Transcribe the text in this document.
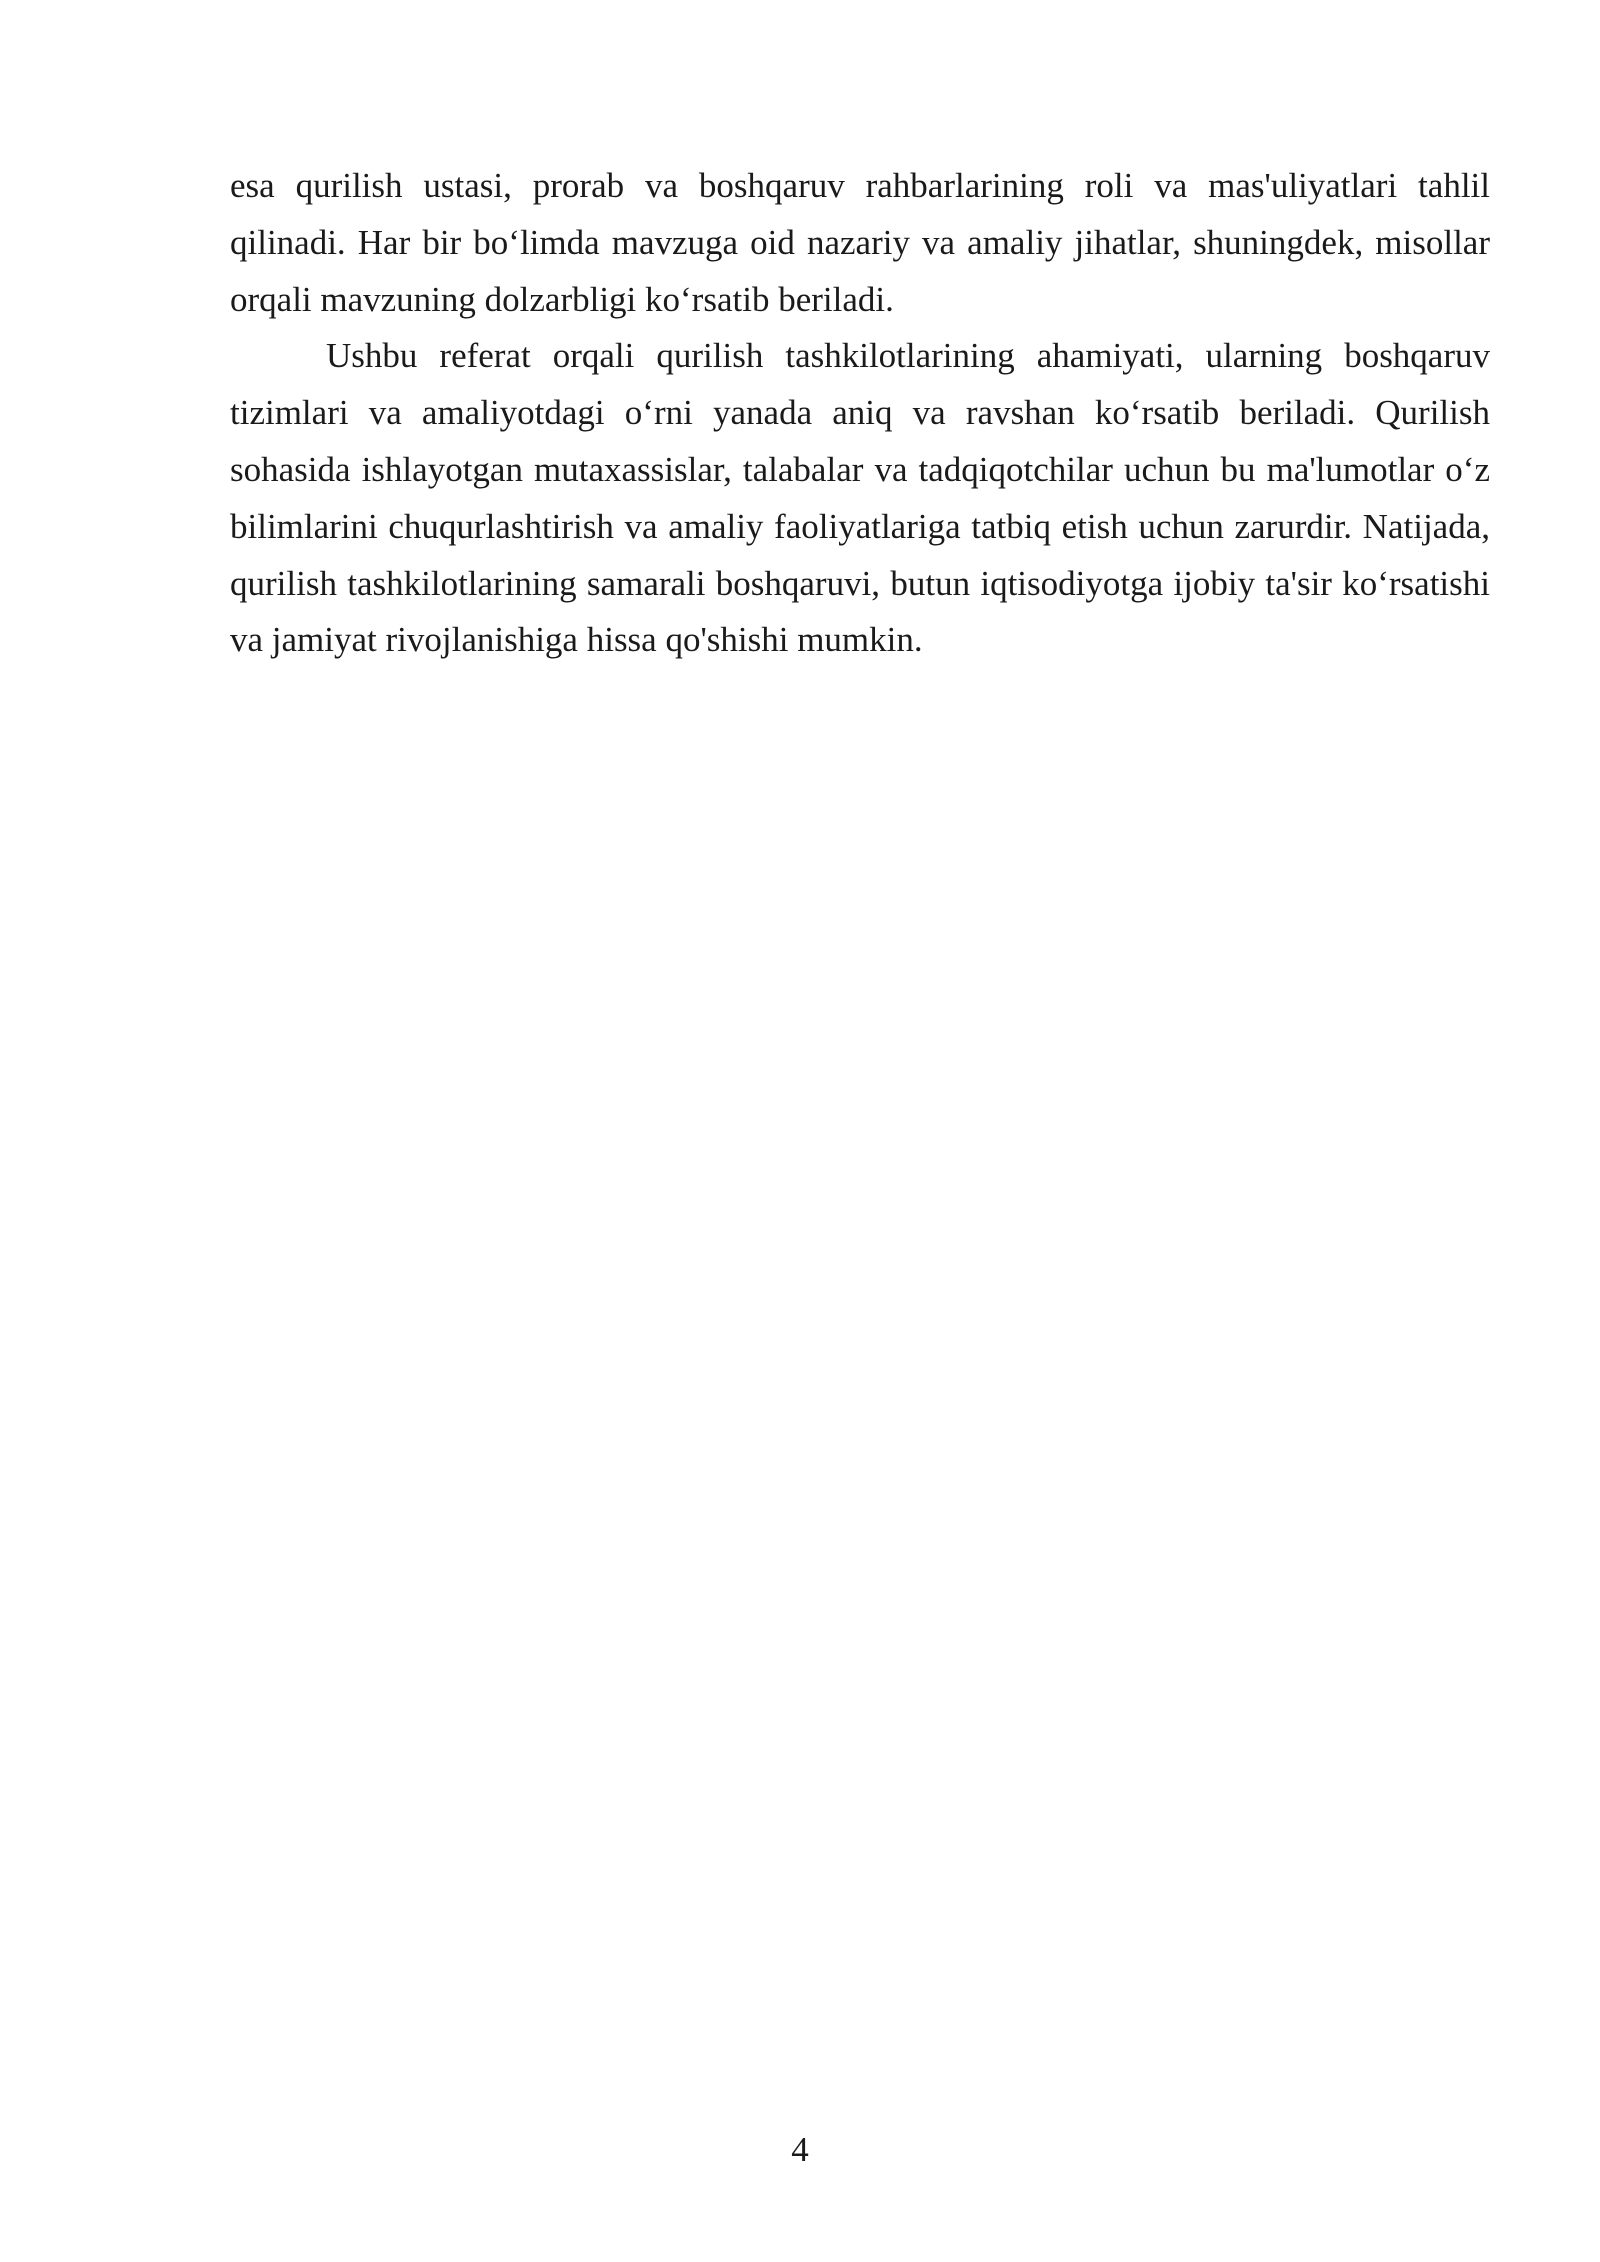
esa qurilish ustasi, prorab va boshqaruv rahbarlarining roli va mas'uliyatlari tahlil qilinadi. Har bir bo‘limda mavzuga oid nazariy va amaliy jihatlar, shuningdek, misollar orqali mavzuning dolzarbligi ko‘rsatib beriladi.

Ushbu referat orqali qurilish tashkilotlarining ahamiyati, ularning boshqaruv tizimlari va amaliyotdagi o‘rni yanada aniq va ravshan ko‘rsatib beriladi. Qurilish sohasida ishlayotgan mutaxassislar, talabalar va tadqiqotchilar uchun bu ma'lumotlar o‘z bilimlarini chuqurlashtirish va amaliy faoliyatlariga tatbiq etish uchun zarurdir. Natijada, qurilish tashkilotlarining samarali boshqaruvi, butun iqtisodiyotga ijobiy ta'sir ko‘rsatishi va jamiyat rivojlanishiga hissa qo'shishi mumkin.

4
